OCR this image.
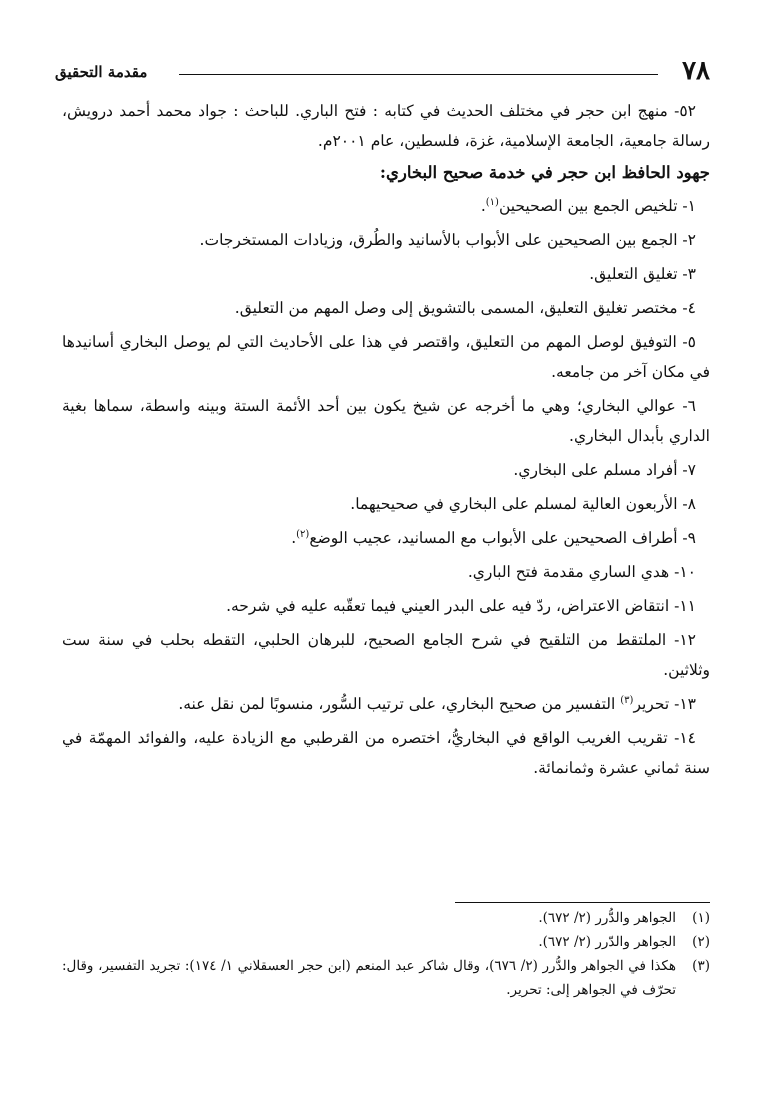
٧٨
مقدمة التحقيق

٥٢- منهج ابن حجر في مختلف الحديث في كتابه : فتح الباري. للباحث : جواد محمد أحمد درويش، رسالة جامعية، الجامعة الإسلامية، غزة، فلسطين، عام ٢٠٠١م.

جهود الحافظ ابن حجر في خدمة صحيح البخاري:

١- تلخيص الجمع بين الصحيحين$^{(١)}$.

٢- الجمع بين الصحيحين على الأبواب بالأسانيد والطُرق، وزيادات المستخرجات.

٣- تغليق التعليق.

٤- مختصر تغليق التعليق، المسمى بالتشويق إلى وصل المهم من التعليق.

٥- التوفيق لوصل المهم من التعليق، واقتصر في هذا على الأحاديث التي لم يوصل البخاري أسانيدها في مكان آخر من جامعه.

٦- عوالي البخاري؛ وهي ما أخرجه عن شيخ يكون بين أحد الأئمة الستة وبينه واسطة، سماها بغية الداري بأبدال البخاري.

٧- أفراد مسلم على البخاري.

٨- الأربعون العالية لمسلم على البخاري في صحيحيهما.

٩- أطراف الصحيحين على الأبواب مع المسانيد، عجيب الوضع$^{(٢)}$.

١٠- هدي الساري مقدمة فتح الباري.

١١- انتقاض الاعتراض، ردّ فيه على البدر العيني فيما تعقّبه عليه في شرحه.

١٢- الملتقط من التلقيح في شرح الجامع الصحيح، للبرهان الحلبي، التقطه بحلب في سنة ست وثلاثين.

١٣- تحرير$^{(٣)}$ التفسير من صحيح البخاري، على ترتيب السُّور، منسوبًا لمن نقل عنه.

١٤- تقريب الغريب الواقع في البخاريُّ، اختصره من القرطبي مع الزيادة عليه، والفوائد المهمّة في سنة ثماني عشرة وثمانمائة.

(١)
الجواهر والدُّرر (٢/ ٦٧٢).

(٢)
الجواهر والدّرر (٢/ ٦٧٢).

(٣)
هكذا في الجواهر والدُّرر (٢/ ٦٧٦)، وقال شاكر عبد المنعم (ابن حجر العسقلاني ١/ ١٧٤): تجريد التفسير، وقال: تحرّف في الجواهر إلى: تحرير.
